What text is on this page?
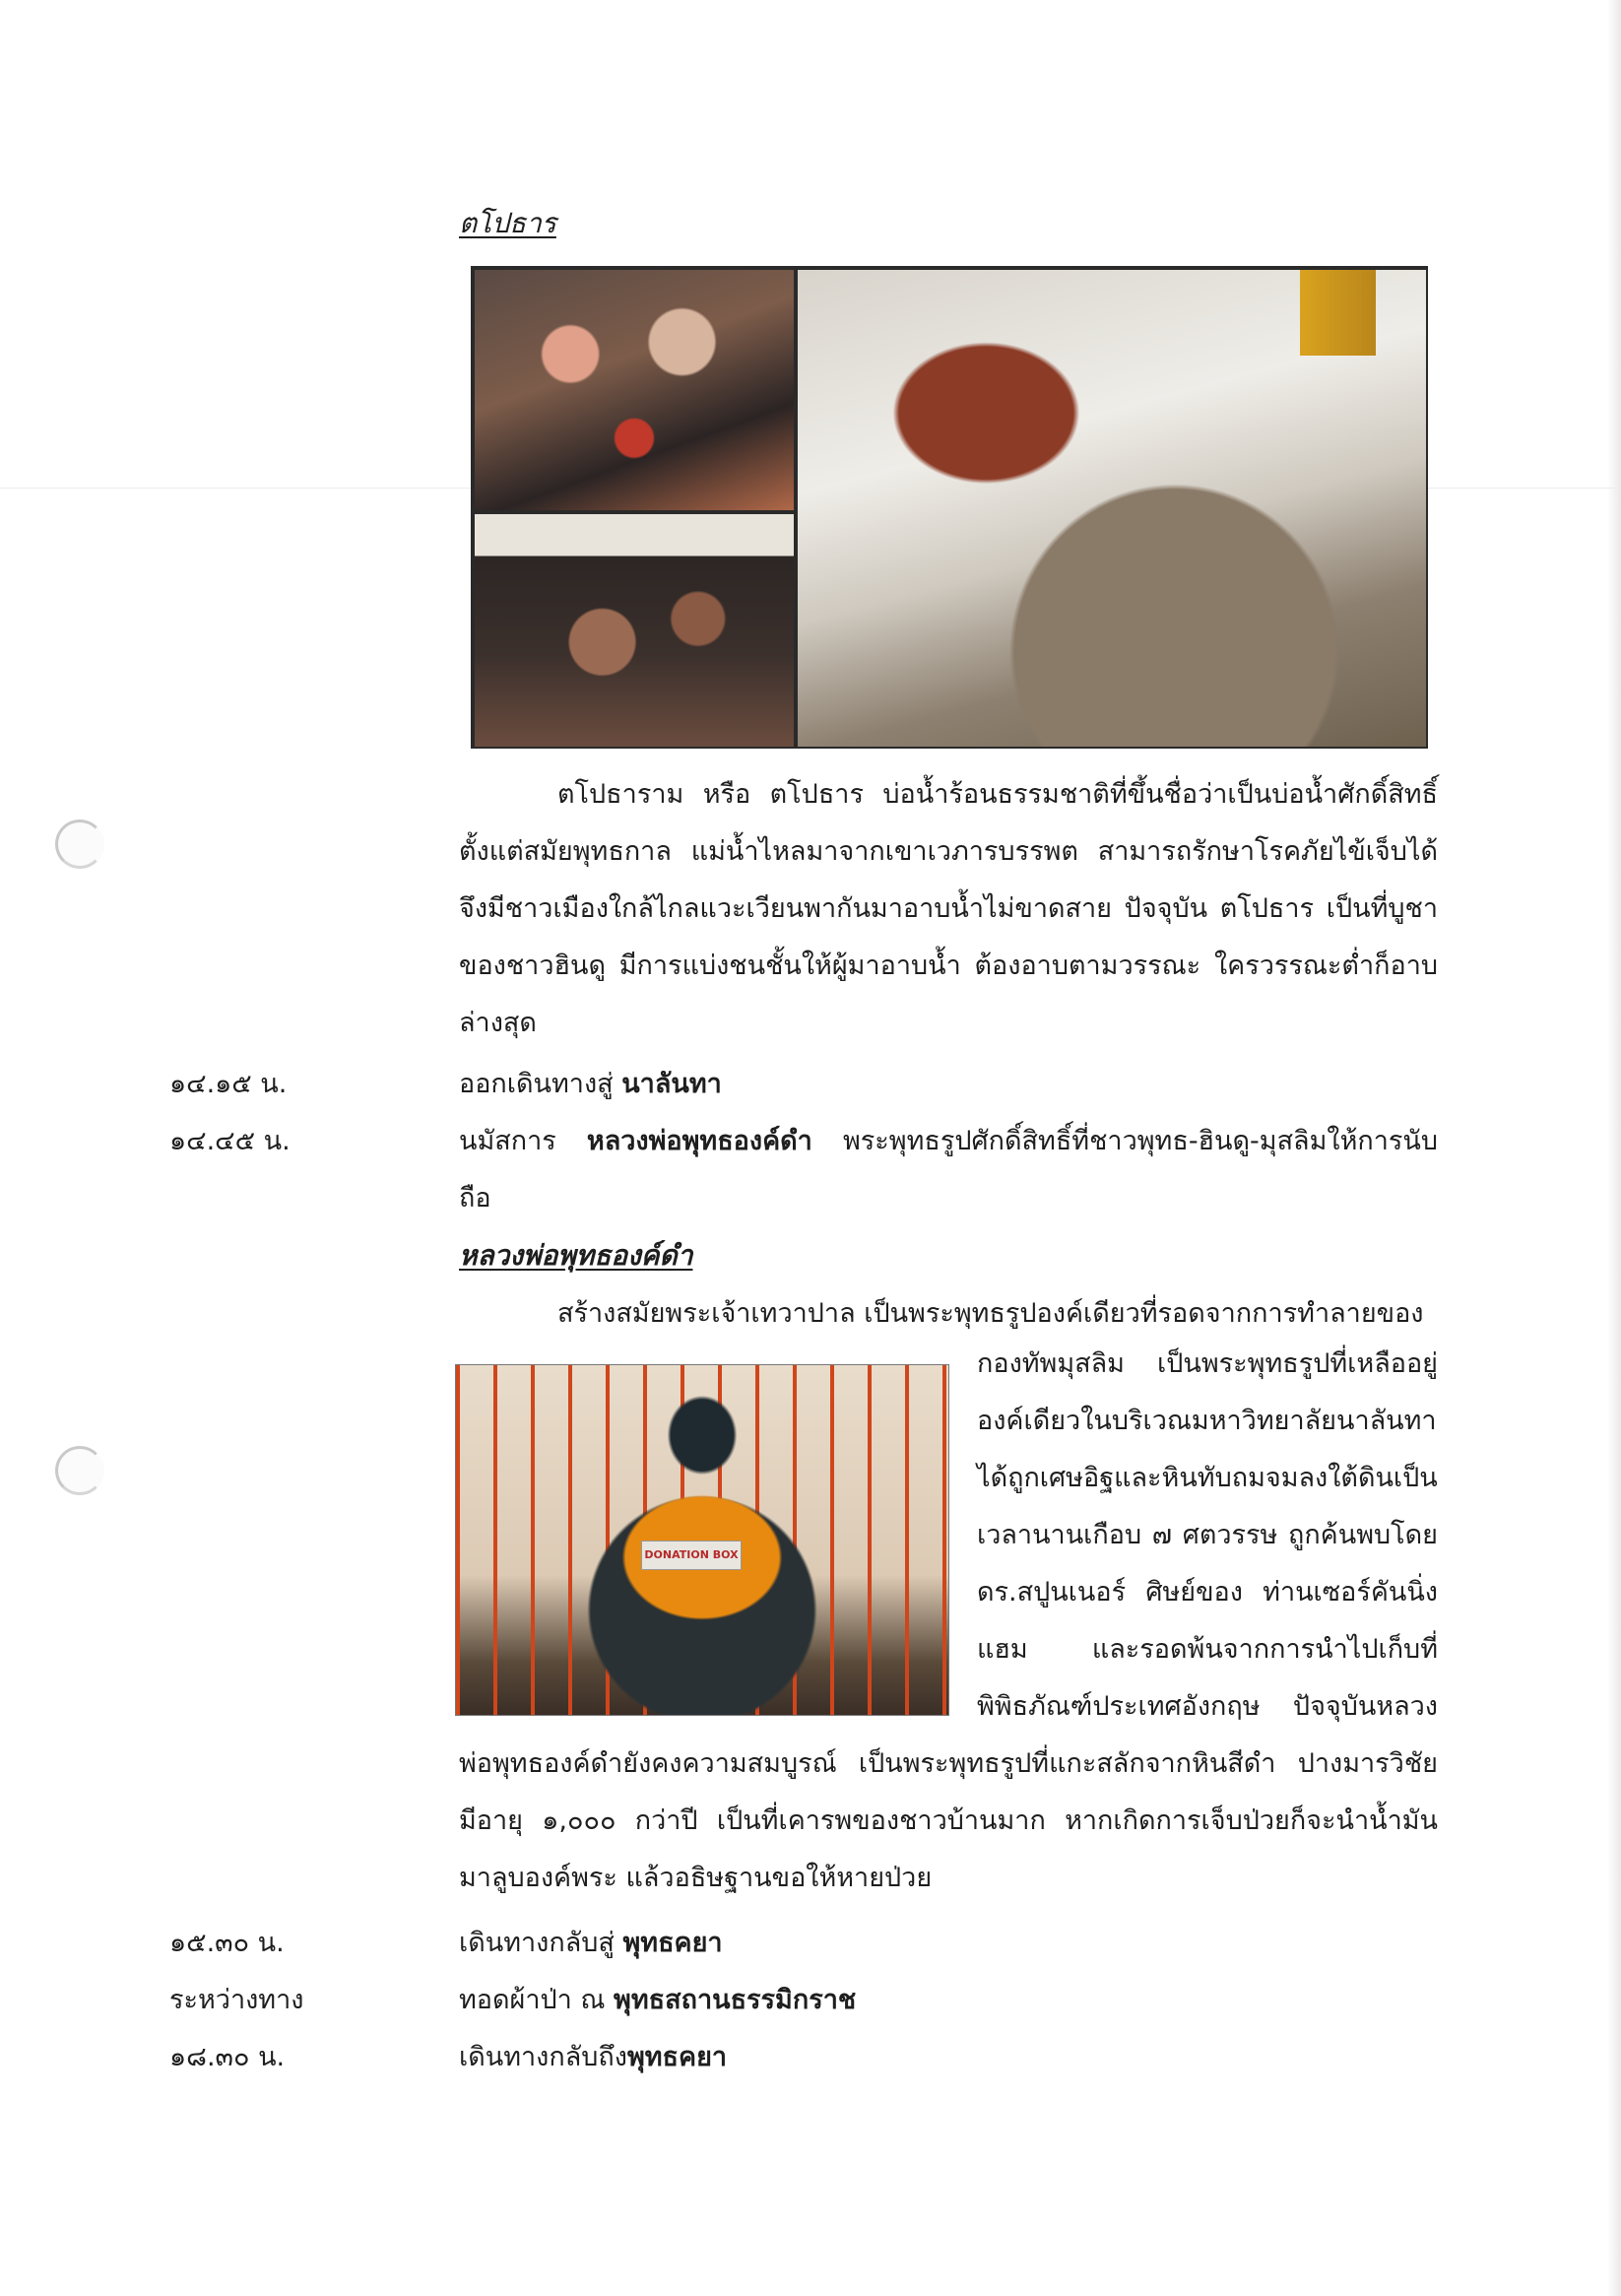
ตโปธาร
ตโปธาราม หรือ ตโปธาร บ่อน้ำร้อนธรรมชาติที่ขึ้นชื่อว่าเป็นบ่อน้ำศักดิ์สิทธิ์
ตั้งแต่สมัยพุทธกาล แม่น้ำไหลมาจากเขาเวภารบรรพต สามารถรักษาโรคภัยไข้เจ็บได้
จึงมีชาวเมืองใกล้ไกลแวะเวียนพากันมาอาบน้ำไม่ขาดสาย ปัจจุบัน ตโปธาร เป็นที่บูชา
ของชาวฮินดู มีการแบ่งชนชั้นให้ผู้มาอาบน้ำ ต้องอาบตามวรรณะ ใครวรรณะต่ำก็อาบ
ล่างสุด
๑๔.๑๕ น.	ออกเดินทางสู่ นาลันทา
๑๔.๔๕ น.	นมัสการ หลวงพ่อพุทธองค์ดำ พระพุทธรูปศักดิ์สิทธิ์ที่ชาวพุทธ-ฮินดู-มุสลิมให้การนับ
ถือ
หลวงพ่อพุทธองค์ดำ
สร้างสมัยพระเจ้าเทวาปาล เป็นพระพุทธรูปองค์เดียวที่รอดจากการทำลายของ
DONATION BOX
กองทัพมุสลิม เป็นพระพุทธรูปที่เหลืออยู่
องค์เดียวในบริเวณมหาวิทยาลัยนาลันทา
ได้ถูกเศษอิฐและหินทับถมจมลงใต้ดินเป็น
เวลานานเกือบ ๗ ศตวรรษ ถูกค้นพบโดย
ดร.สปูนเนอร์ ศิษย์ของ ท่านเซอร์คันนิ่ง
แฮม และรอดพ้นจากการนำไปเก็บที่
พิพิธภัณฑ์ประเทศอังกฤษ ปัจจุบันหลวง
พ่อพุทธองค์ดำยังคงความสมบูรณ์ เป็นพระพุทธรูปที่แกะสลักจากหินสีดำ ปางมารวิชัย
มีอายุ ๑,๐๐๐ กว่าปี เป็นที่เคารพของชาวบ้านมาก หากเกิดการเจ็บป่วยก็จะนำน้ำมัน
มาลูบองค์พระ แล้วอธิษฐานขอให้หายป่วย
๑๕.๓๐ น.	เดินทางกลับสู่ พุทธคยา
ระหว่างทาง	ทอดผ้าป่า ณ พุทธสถานธรรมิกราช
๑๘.๓๐ น.	เดินทางกลับถึงพุทธคยา
